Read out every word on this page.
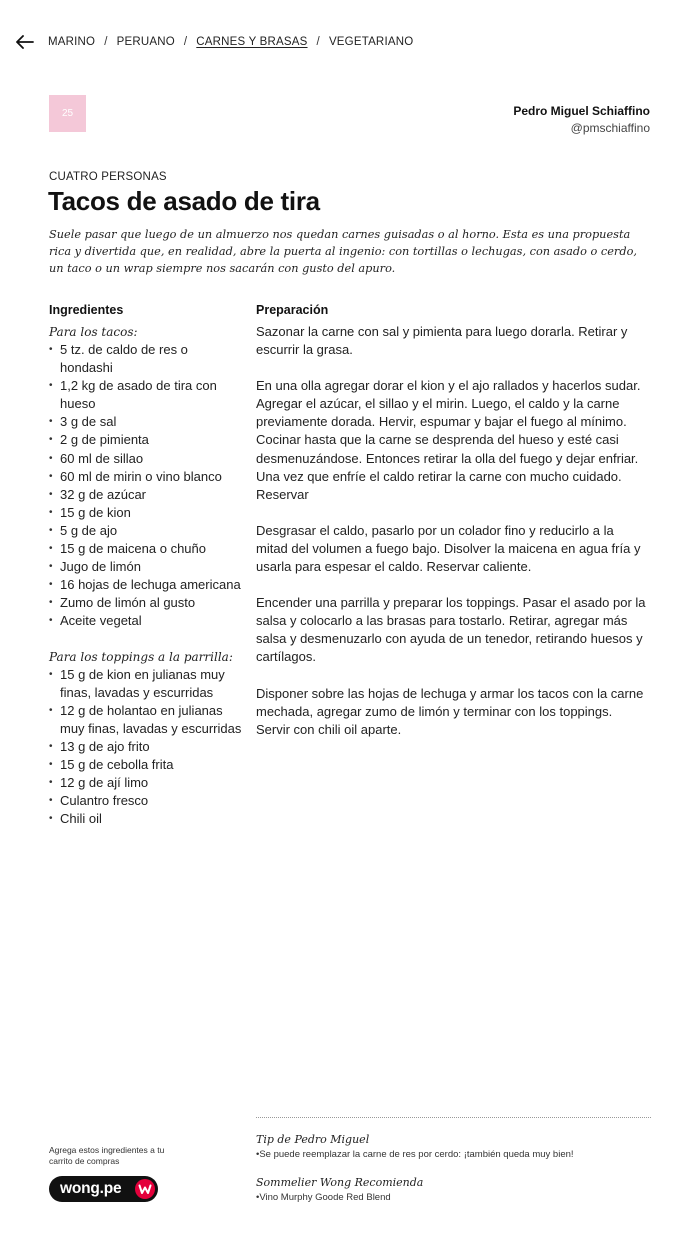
MARINO / PERUANO / CARNES Y BRASAS / VEGETARIANO
25	Pedro Miguel Schiaffino
@pmschiaffino
CUATRO PERSONAS
Tacos de asado de tira

Suele pasar que luego de un almuerzo nos quedan carnes guisadas o al horno. Esta es una propuesta rica y divertida que, en realidad, abre la puerta al ingenio: con tortillas o lechugas, con asado o cerdo, un taco o un wrap siempre nos sacarán con gusto del apuro.

Ingredientes
Para los tacos:
• 5 tz. de caldo de res o hondashi
• 1,2 kg de asado de tira con hueso
• 3 g de sal
• 2 g de pimienta
• 60 ml de sillao
• 60 ml de mirin o vino blanco
• 32 g de azúcar
• 15 g de kion
• 5 g de ajo
• 15 g de maicena o chuño
• Jugo de limón
• 16 hojas de lechuga americana
• Zumo de limón al gusto
• Aceite vegetal
Para los toppings a la parrilla:
• 15 g de kion en julianas muy finas, lavadas y escurridas
• 12 g de holantao en julianas muy finas, lavadas y escurridas
• 13 g de ajo frito
• 15 g de cebolla frita
• 12 g de ají limo
• Culantro fresco
• Chili oil
Preparación

Sazonar la carne con sal y pimienta para luego dorarla. Retirar y escurrir la grasa.

En una olla agregar dorar el kion y el ajo rallados y hacerlos sudar. Agregar el azúcar, el sillao y el mirin. Luego, el caldo y la carne previamente dorada. Hervir, espumar y bajar el fuego al mínimo. Cocinar hasta que la carne se desprenda del hueso y esté casi desmenuzándose. Entonces retirar la olla del fuego y dejar enfriar. Una vez que enfríe el caldo retirar la carne con mucho cuidado. Reservar

Desgrasar el caldo, pasarlo por un colador fino y reducirlo a la mitad del volumen a fuego bajo. Disolver la maicena en agua fría y usarla para espesar el caldo. Reservar caliente.

Encender una parrilla y preparar los toppings. Pasar el asado por la salsa y colocarlo a las brasas para tostarlo. Retirar, agregar más salsa y desmenuzarlo con ayuda de un tenedor, retirando huesos y cartílagos.

Disponer sobre las hojas de lechuga y armar los tacos con la carne mechada, agregar zumo de limón y terminar con los toppings. Servir con chili oil aparte.

Agrega estos ingredientes a tu carrito de compras
wong.pe
Tip de Pedro Miguel
•Se puede reemplazar la carne de res por cerdo: ¡también queda muy bien!
Sommelier Wong Recomienda
•Vino Murphy Goode Red Blend
